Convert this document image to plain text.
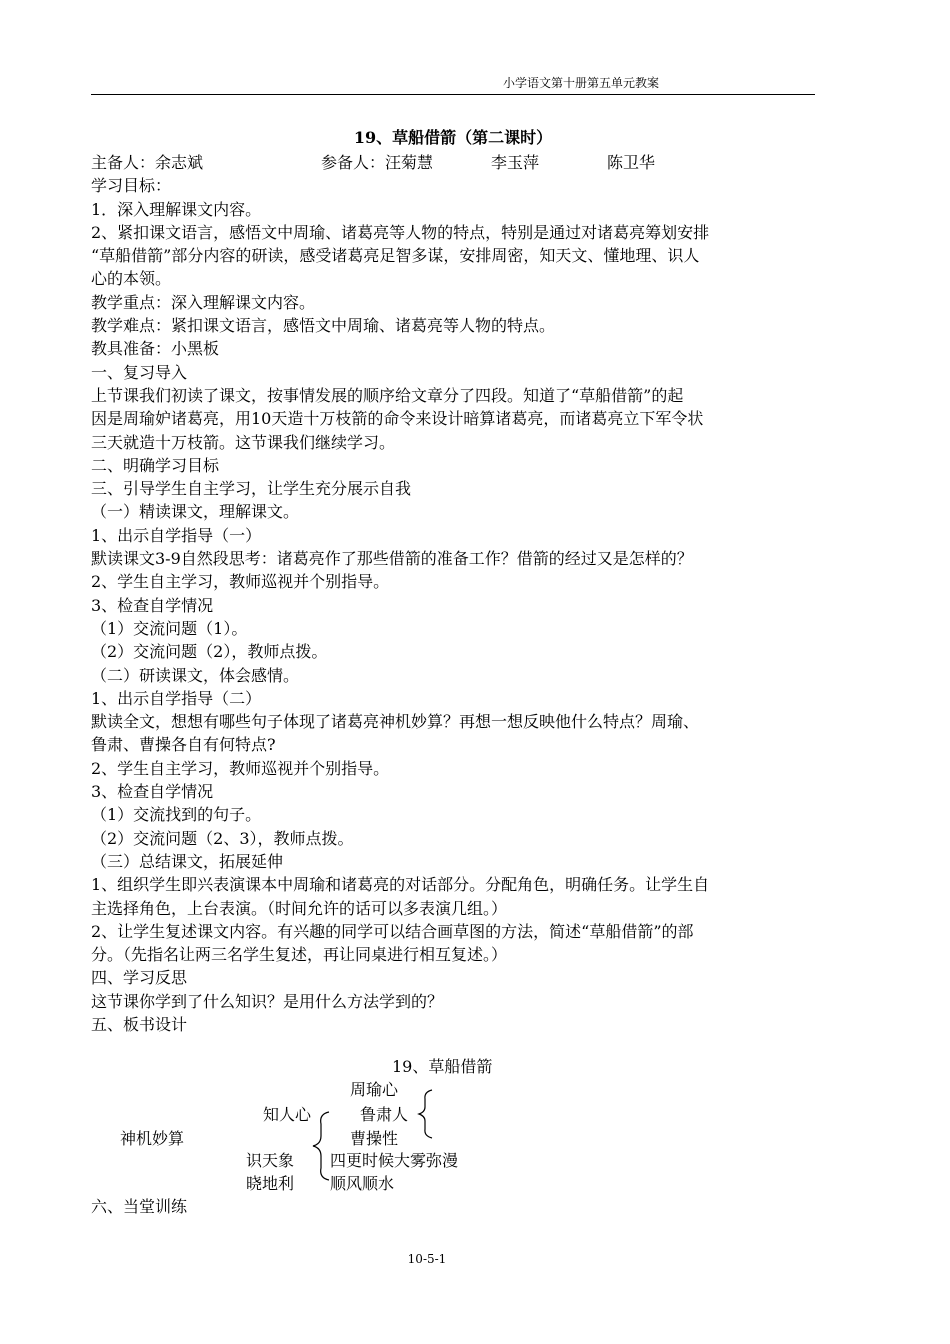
小学语文第十册第五单元教案
19、草船借箭（第二课时）
主备人：余志斌	参备人：汪菊慧	李玉萍	陈卫华
学习目标：
1．深入理解课文内容。
2、紧扣课文语言，感悟文中周瑜、诸葛亮等人物的特点，特别是通过对诸葛亮筹划安排
“草船借箭”部分内容的研读，感受诸葛亮足智多谋，安排周密，知天文、懂地理、识人
心的本领。
教学重点：深入理解课文内容。
教学难点：紧扣课文语言，感悟文中周瑜、诸葛亮等人物的特点。
教具准备：小黑板
一、复习导入
上节课我们初读了课文，按事情发展的顺序给文章分了四段。知道了“草船借箭”的起
因是周瑜妒诸葛亮，用10天造十万枝箭的命令来设计暗算诸葛亮，而诸葛亮立下军令状
三天就造十万枝箭。这节课我们继续学习。
二、明确学习目标
三、引导学生自主学习，让学生充分展示自我
（一）精读课文，理解课文。
1、出示自学指导（一）
默读课文3-9自然段思考：诸葛亮作了那些借箭的准备工作？借箭的经过又是怎样的？
2、学生自主学习，教师巡视并个别指导。
3、检查自学情况
（1）交流问题（1）。
（2）交流问题（2），教师点拨。
（二）研读课文，体会感情。
1、出示自学指导（二）
默读全文，想想有哪些句子体现了诸葛亮神机妙算？再想一想反映他什么特点？周瑜、
鲁肃、曹操各自有何特点?
2、学生自主学习，教师巡视并个别指导。
3、检查自学情况
（1）交流找到的句子。
（2）交流问题（2、3），教师点拨。
（三）总结课文，拓展延伸
1、组织学生即兴表演课本中周瑜和诸葛亮的对话部分。分配角色，明确任务。让学生自
主选择角色，上台表演。（时间允许的话可以多表演几组。）
2、让学生复述课文内容。有兴趣的同学可以结合画草图的方法，简述“草船借箭”的部
分。（先指名让两三名学生复述，再让同桌进行相互复述。）
四、学习反思
这节课你学到了什么知识？是用什么方法学到的？
五、板书设计
19、草船借箭
周瑜心
知人心	鲁肃人
神机妙算	曹操性
识天象 四更时候大雾弥漫
晓地利 顺风顺水
六、当堂训练
10-5-1
